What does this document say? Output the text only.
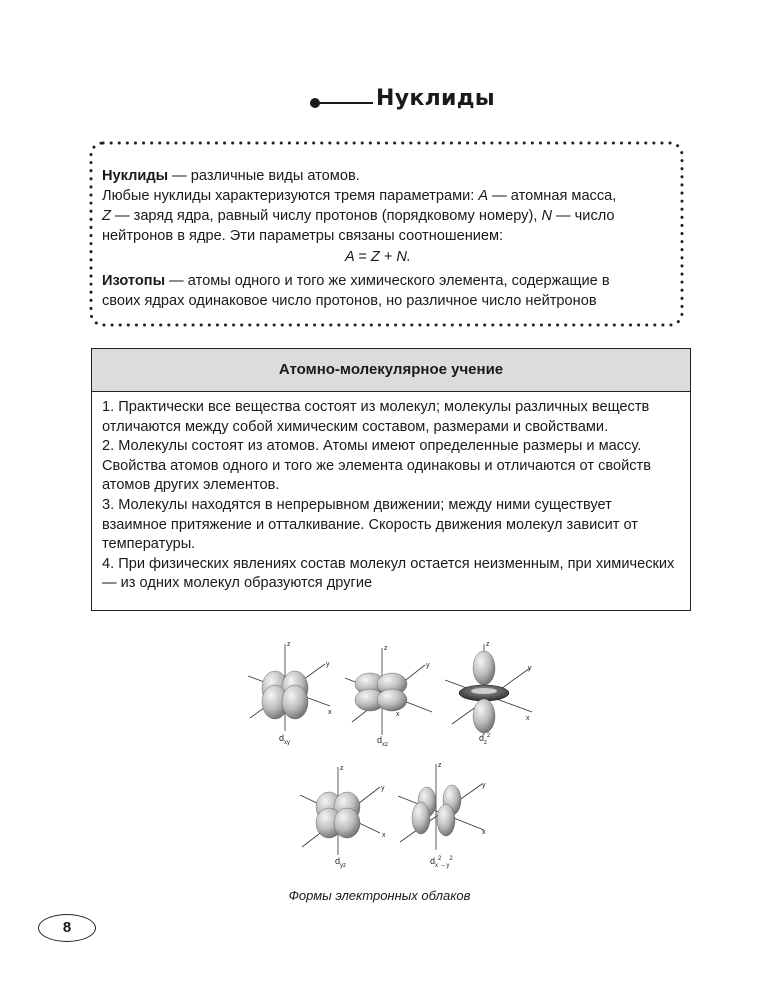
Нуклиды

Нуклиды — различные виды атомов.

Любые нуклиды характеризуются тремя параметрами: A — атомная масса,

Z — заряд ядра, равный числу протонов (порядковому номеру), N — число

нейтронов в ядре. Эти параметры связаны соотношением:

A = Z + N.

Изотопы — атомы одного и того же химического элемента, содержащие в своих ядрах одинаковое число протонов, но различное число нейтронов

Атомно-молекулярное учение

1. Практически все вещества состоят из молекул; молекулы различных веществ отличаются между собой химическим составом, размерами и свойствами.

2. Молекулы состоят из атомов. Атомы имеют определенные размеры и массу. Свойства атомов одного и того же элемента одинаковы и отличаются от свойств атомов других элементов.

3. Молекулы находятся в непрерывном движении; между ними существует взаимное притяжение и отталкивание. Скорость движения молекул зависит от температуры.

4. При физических явлениях состав молекул остается неизменным, при химических — из одних молекул образуются другие

z
y
x
$d_{xy}$
z
y
x
$d_{xz}$
z
y
x
$d_z^2$
z
y
x
$d_{yz}$
z
y
x
$d_x^2_{- y}^2$
Формы электронных облаков
8
